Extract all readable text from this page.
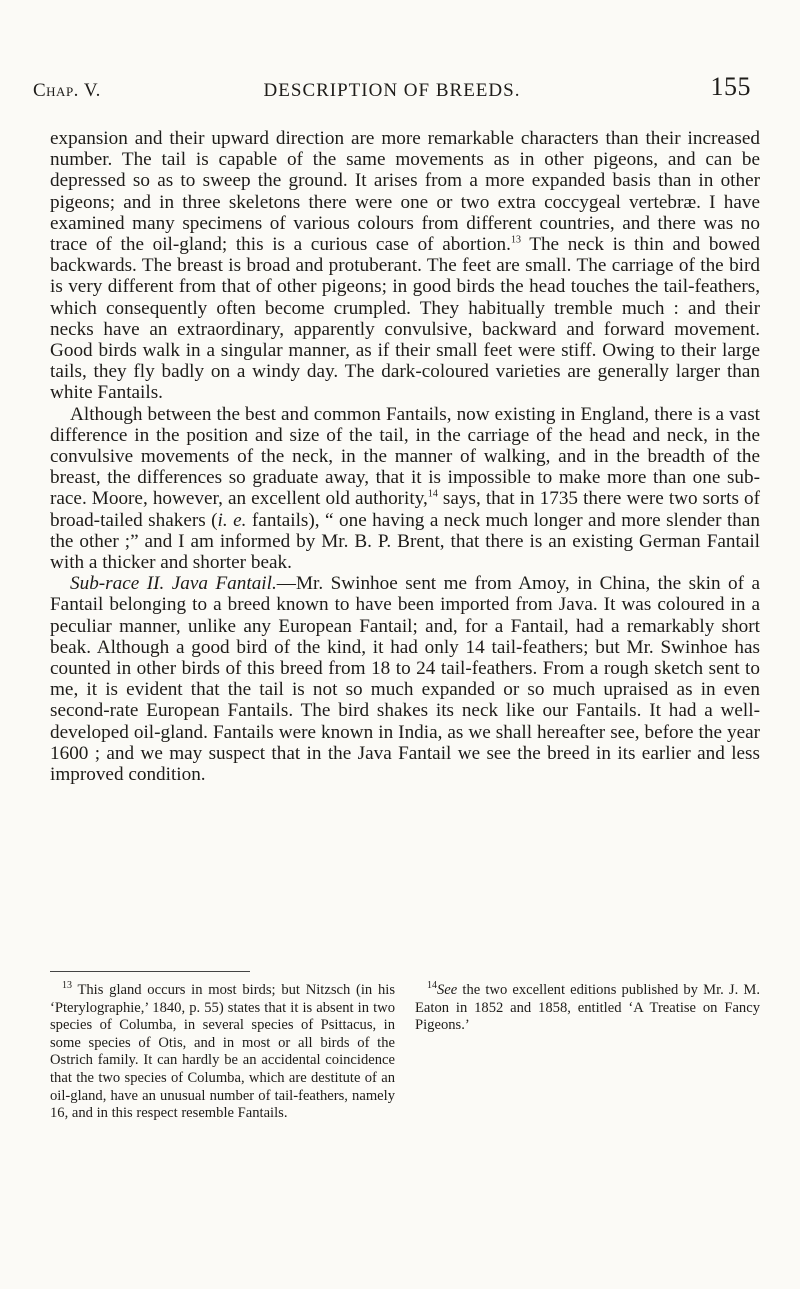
Chap. V.	DESCRIPTION OF BREEDS.	155

expansion and their upward direction are more remarkable characters than their increased number. The tail is capable of the same movements as in other pigeons, and can be depressed so as to sweep the ground. It arises from a more expanded basis than in other pigeons; and in three skeletons there were one or two extra coccygeal vertebræ. I have examined many specimens of various colours from different countries, and there was no trace of the oil-gland; this is a curious case of abortion.$^{13}$ The neck is thin and bowed backwards. The breast is broad and protuberant. The feet are small. The carriage of the bird is very different from that of other pigeons; in good birds the head touches the tail-feathers, which consequently often become crumpled. They habitually tremble much : and their necks have an extraordinary, apparently convulsive, backward and forward movement. Good birds walk in a singular manner, as if their small feet were stiff. Owing to their large tails, they fly badly on a windy day. The dark-coloured varieties are generally larger than white Fantails.

Although between the best and common Fantails, now existing in England, there is a vast difference in the position and size of the tail, in the carriage of the head and neck, in the convulsive movements of the neck, in the manner of walking, and in the breadth of the breast, the differences so graduate away, that it is impossible to make more than one sub-race. Moore, however, an excellent old authority,$^{14}$ says, that in 1735 there were two sorts of broad-tailed shakers (i. e. fantails), “ one having a neck much longer and more slender than the other ;” and I am informed by Mr. B. P. Brent, that there is an existing German Fantail with a thicker and shorter beak.

Sub-race II. Java Fantail.—Mr. Swinhoe sent me from Amoy, in China, the skin of a Fantail belonging to a breed known to have been imported from Java. It was coloured in a peculiar manner, unlike any European Fantail; and, for a Fantail, had a remarkably short beak. Although a good bird of the kind, it had only 14 tail-feathers; but Mr. Swinhoe has counted in other birds of this breed from 18 to 24 tail-feathers. From a rough sketch sent to me, it is evident that the tail is not so much expanded or so much upraised as in even second-rate European Fantails. The bird shakes its neck like our Fantails. It had a well-developed oil-gland. Fantails were known in India, as we shall hereafter see, before the year 1600 ; and we may suspect that in the Java Fantail we see the breed in its earlier and less improved condition.

$^{13}$ This gland occurs in most birds; but Nitzsch (in his ‘Pterylographie,’ 1840, p. 55) states that it is absent in two species of Columba, in several species of Psittacus, in some species of Otis, and in most or all birds of the Ostrich family. It can hardly be an accidental coincidence that the two species of Columba, which are destitute of an oil-gland, have an unusual number of tail-feathers, namely 16, and in this respect resemble Fantails.

$^{14}$See the two excellent editions published by Mr. J. M. Eaton in 1852 and 1858, entitled ‘A Treatise on Fancy Pigeons.’
